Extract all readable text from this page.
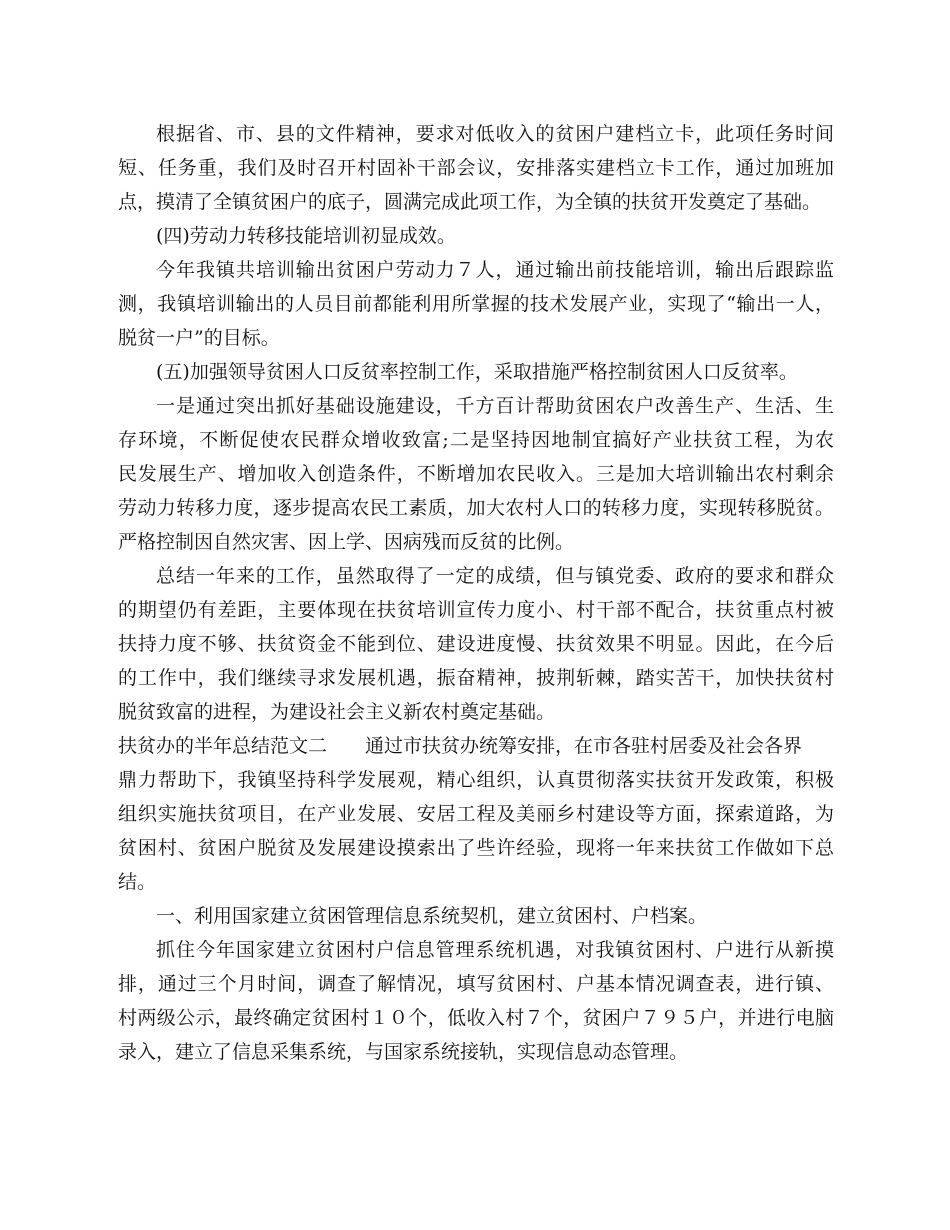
根据省、市、县的文件精神，要求对低收入的贫困户建档立卡，此项任务时间
短、任务重，我们及时召开村固补干部会议，安排落实建档立卡工作，通过加班加
点，摸清了全镇贫困户的底子，圆满完成此项工作，为全镇的扶贫开发奠定了基础。
(四)劳动力转移技能培训初显成效。
今年我镇共培训输出贫困户劳动力７人，通过输出前技能培训，输出后跟踪监
测，我镇培训输出的人员目前都能利用所掌握的技术发展产业，实现了“输出一人，
脱贫一户”的目标。
(五)加强领导贫困人口反贫率控制工作，采取措施严格控制贫困人口反贫率。
一是通过突出抓好基础设施建设，千方百计帮助贫困农户改善生产、生活、生
存环境，不断促使农民群众增收致富;二是坚持因地制宜搞好产业扶贫工程，为农
民发展生产、增加收入创造条件，不断增加农民收入。三是加大培训输出农村剩余
劳动力转移力度，逐步提高农民工素质，加大农村人口的转移力度，实现转移脱贫。
严格控制因自然灾害、因上学、因病残而反贫的比例。
总结一年来的工作，虽然取得了一定的成绩，但与镇党委、政府的要求和群众
的期望仍有差距，主要体现在扶贫培训宣传力度小、村干部不配合，扶贫重点村被
扶持力度不够、扶贫资金不能到位、建设进度慢、扶贫效果不明显。因此，在今后
的工作中，我们继续寻求发展机遇，振奋精神，披荆斩棘，踏实苦干，加快扶贫村
脱贫致富的进程，为建设社会主义新农村奠定基础。
扶贫办的半年总结范文二 通过市扶贫办统筹安排，在市各驻村居委及社会各界
鼎力帮助下，我镇坚持科学发展观，精心组织，认真贯彻落实扶贫开发政策，积极
组织实施扶贫项目，在产业发展、安居工程及美丽乡村建设等方面，探索道路，为
贫困村、贫困户脱贫及发展建设摸索出了些许经验，现将一年来扶贫工作做如下总
结。
一、利用国家建立贫困管理信息系统契机，建立贫困村、户档案。
抓住今年国家建立贫困村户信息管理系统机遇，对我镇贫困村、户进行从新摸
排，通过三个月时间，调查了解情况，填写贫困村、户基本情况调查表，进行镇、
村两级公示，最终确定贫困村１０个，低收入村７个，贫困户７９５户，并进行电脑
录入，建立了信息采集系统，与国家系统接轨，实现信息动态管理。
